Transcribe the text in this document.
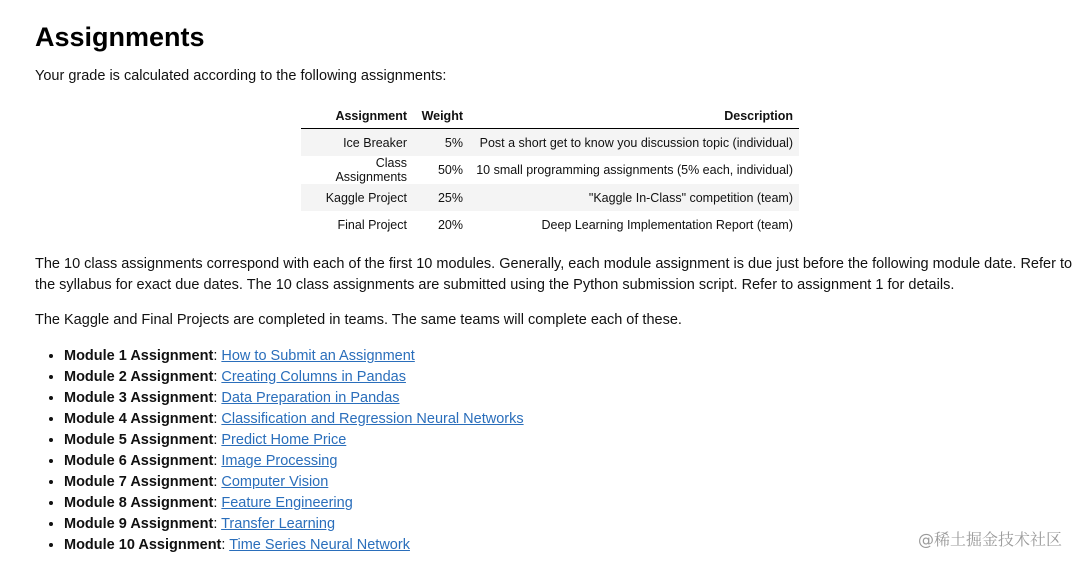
Assignments

Your grade is calculated according to the following assignments:

Assignment	Weight	Description
Ice Breaker	5%	Post a short get to know you discussion topic (individual)
Class Assignments	50%	10 small programming assignments (5% each, individual)
Kaggle Project	25%	"Kaggle In-Class" competition (team)
Final Project	20%	Deep Learning Implementation Report (team)

The 10 class assignments correspond with each of the first 10 modules. Generally, each module assignment is due just before the following module date. Refer to the syllabus for exact due dates. The 10 class assignments are submitted using the Python submission script. Refer to assignment 1 for details.

The Kaggle and Final Projects are completed in teams. The same teams will complete each of these.

• Module 1 Assignment: How to Submit an Assignment
• Module 2 Assignment: Creating Columns in Pandas
• Module 3 Assignment: Data Preparation in Pandas
• Module 4 Assignment: Classification and Regression Neural Networks
• Module 5 Assignment: Predict Home Price
• Module 6 Assignment: Image Processing
• Module 7 Assignment: Computer Vision
• Module 8 Assignment: Feature Engineering
• Module 9 Assignment: Transfer Learning
• Module 10 Assignment: Time Series Neural Network	@稀土掘金技术社区
